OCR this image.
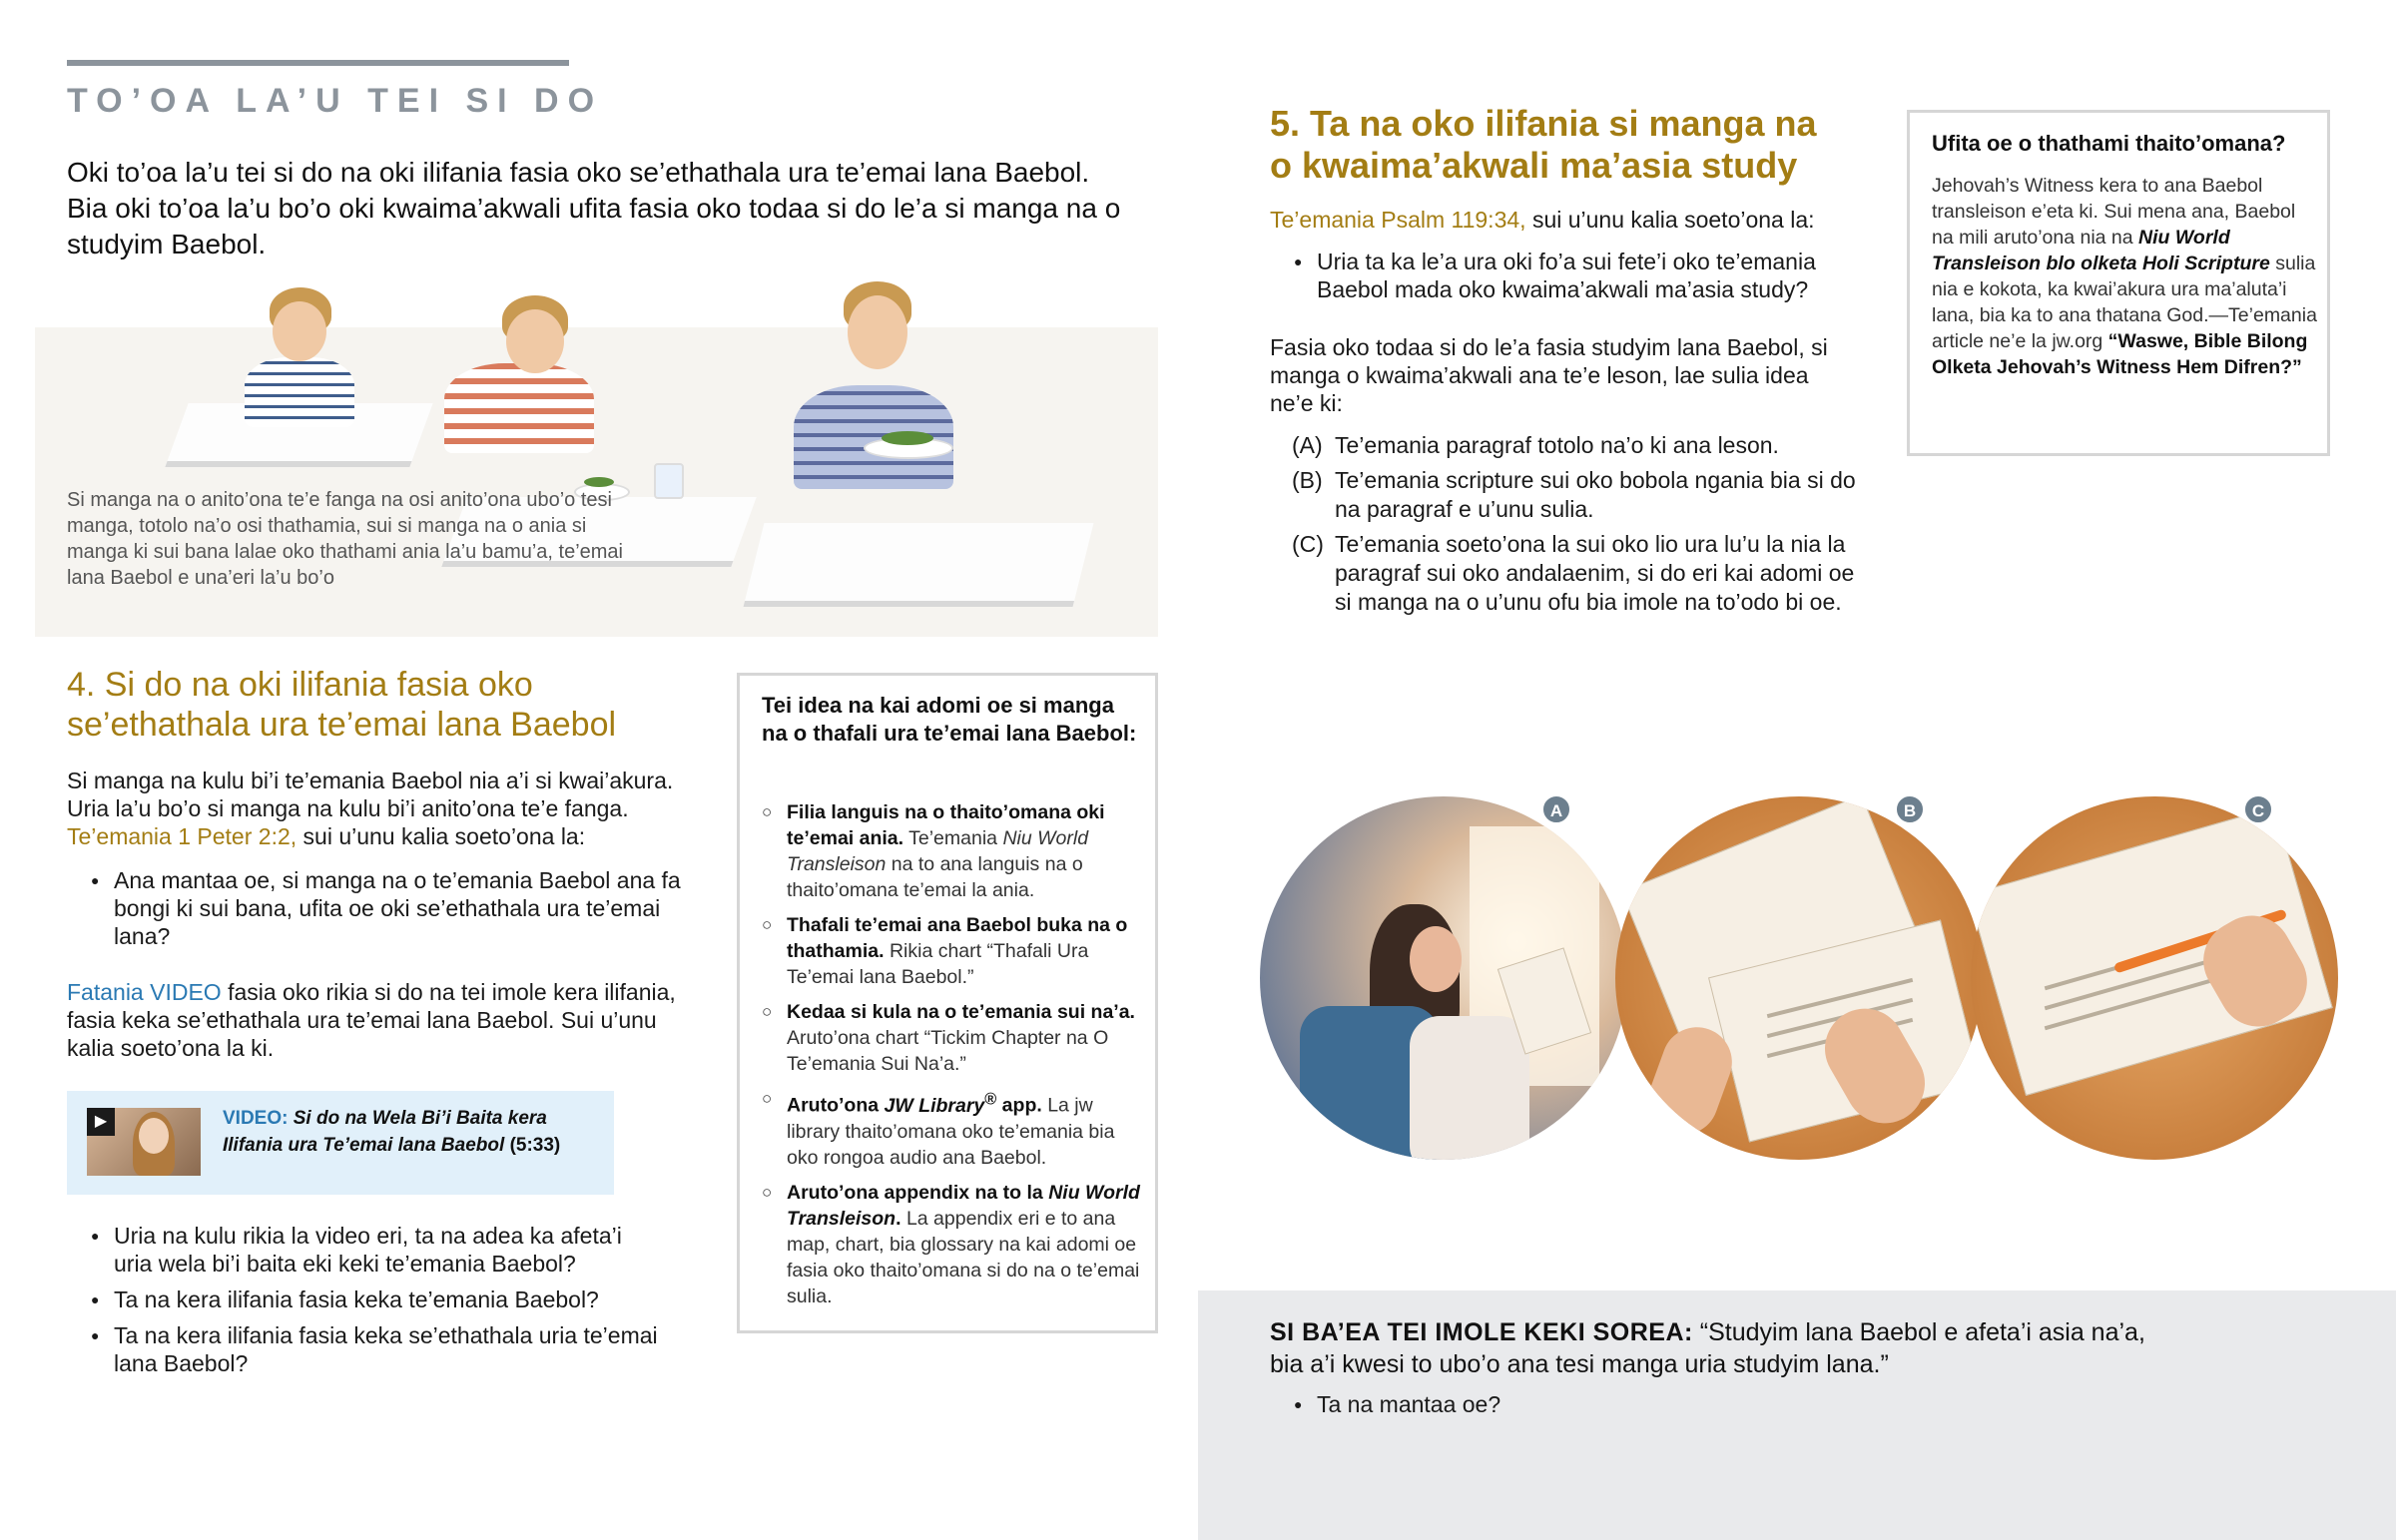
TO’OA LA’U TEI SI DO
Oki to’oa la’u tei si do na oki ilifania fasia oko se’ethathala ura te’emai lana Baebol. Bia oki to’oa la’u bo’o oki kwaima’akwali ufita fasia oko todaa si do le’a si manga na o studyim Baebol.
Si manga na o anito’ona te’e fanga na osi anito’ona ubo’o tesi manga, totolo na’o osi thathamia, sui si manga na o ania si manga ki sui bana lalae oko thathami ania la’u bamu’a, te’emai lana Baebol e una’eri la’u bo’o
4. Si do na oki ilifania fasia oko se’ethathala ura te’emai lana Baebol
Si manga na kulu bi’i te’emania Baebol nia a’i si kwai’akura. Uria la’u bo’o si manga na kulu bi’i anito’ona te’e fanga.
Te’emania 1 Peter 2:2, sui u’unu kalia soeto’ona la:
● Ana mantaa oe, si manga na o te’emania Baebol ana fa bongi ki sui bana, ufita oe oki se’ethathala ura te’emai lana?
Fatania VIDEO fasia oko rikia si do na tei imole kera ilifania, fasia keka se’ethathala ura te’emai lana Baebol. Sui u’unu kalia soeto’ona la ki.
▶	VIDEO: Si do na Wela Bi’i Baita kera Ilifania ura Te’emai lana Baebol (5:33)
● Uria na kulu rikia la video eri, ta na adea ka afeta’i uria wela bi’i baita eki keki te’emania Baebol?
● Ta na kera ilifania fasia keka te’emania Baebol?
● Ta na kera ilifania fasia keka se’ethathala uria te’emai lana Baebol?
Tei idea na kai adomi oe si manga na o thafali ura te’emai lana Baebol:
○ Filia languis na o thaito’omana oki te’emai ania. Te’emania Niu World Transleison na to ana languis na o thaito’omana te’emai la ania.
○ Thafali te’emai ana Baebol buka na o thathamia. Rikia chart “Thafali Ura Te’emai lana Baebol.”
○ Kedaa si kula na o te’emania sui na’a. Aruto’ona chart “Tickim Chapter na O Te’emania Sui Na’a.”
○ Aruto’ona JW Library® app. La jw library thaito’omana oko te’emania bia oko rongoa audio ana Baebol.
○ Aruto’ona appendix na to la Niu World Transleison. La appendix eri e to ana map, chart, bia glossary na kai adomi oe fasia oko thaito’omana si do na o te’emai sulia.
5. Ta na oko ilifania si manga na o kwaima’akwali ma’asia study
Te’emania Psalm 119:34, sui u’unu kalia soeto’ona la:
● Uria ta ka le’a ura oki fo’a sui fete’i oko te’emania Baebol mada oko kwaima’akwali ma’asia study?
Fasia oko todaa si do le’a fasia studyim lana Baebol, si manga o kwaima’akwali ana te’e leson, lae sulia idea ne’e ki:
(A) Te’emania paragraf totolo na’o ki ana leson.
(B) Te’emania scripture sui oko bobola ngania bia si do na paragraf e u’unu sulia.
(C) Te’emania soeto’ona la sui oko lio ura lu’u la nia la paragraf sui oko andalaenim, si do eri kai adomi oe si manga na o u’unu ofu bia imole na to’odo bi oe.
Ufita oe o thathami thaito’omana?
Jehovah’s Witness kera to ana Baebol transleison e’eta ki. Sui mena ana, Baebol na mili aruto’ona nia na Niu World Transleison blo olketa Holi Scripture sulia nia e kokota, ka kwai’akura ura ma’aluta’i lana, bia ka to ana thatana God.—Te’emania article ne’e la jw.org “Waswe, Bible Bilong Olketa Jehovah’s Witness Hem Difren?”
A	B	C
SI BA’EA TEI IMOLE KEKI SOREA: “Studyim lana Baebol e afeta’i asia na’a, bia a’i kwesi to ubo’o ana tesi manga uria studyim lana.”
● Ta na mantaa oe?
